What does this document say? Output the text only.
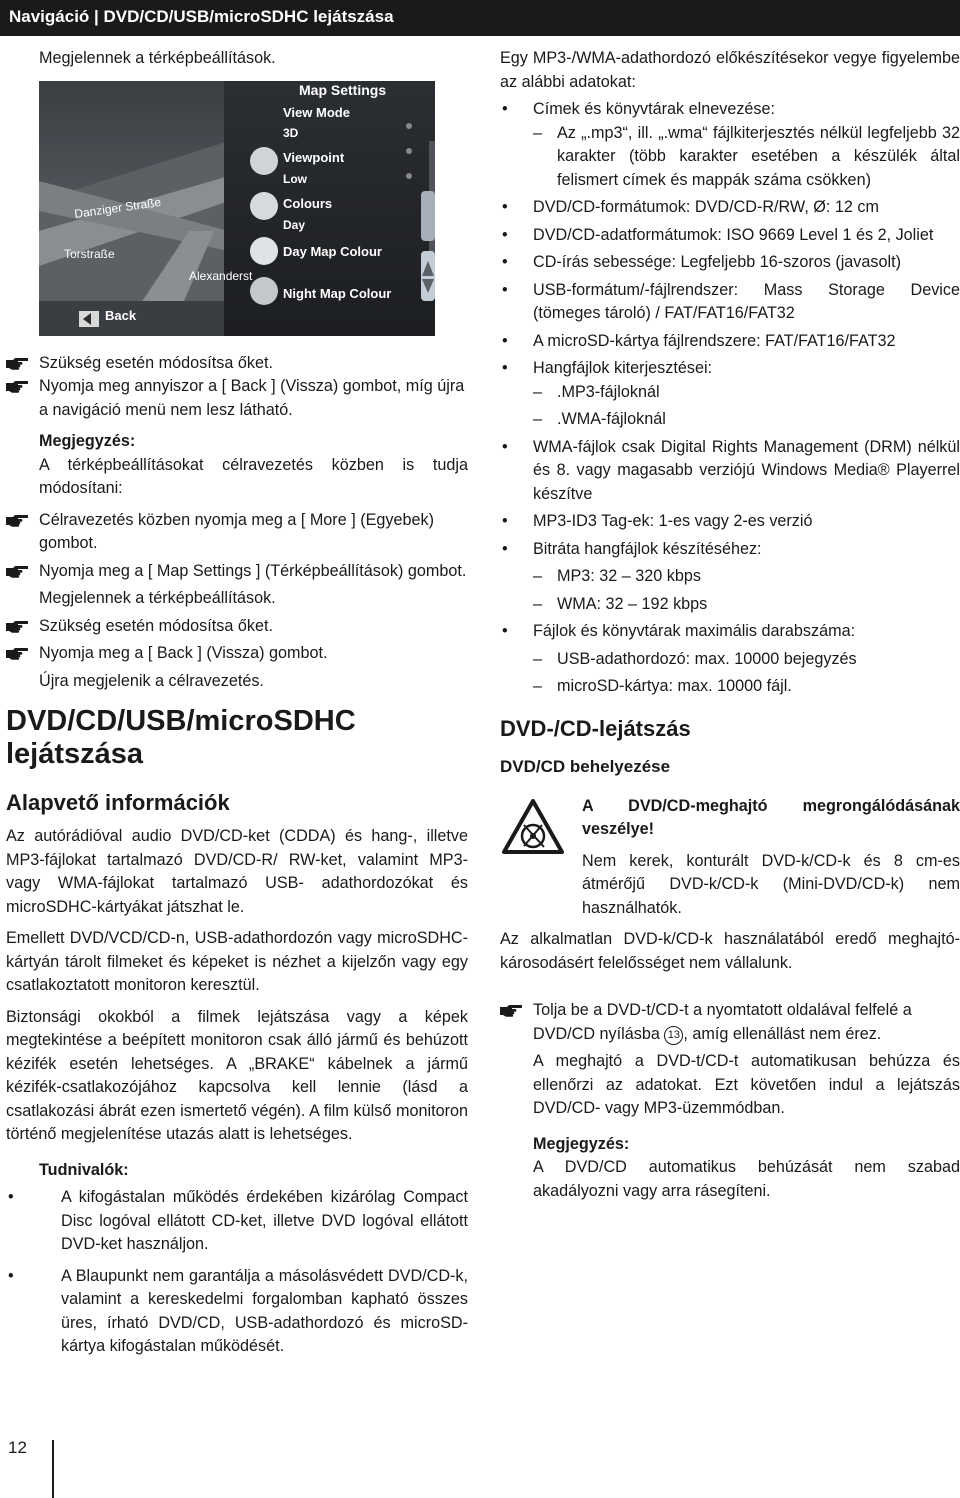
Navigáció | DVD/CD/USB/microSDHC lejátszása

Megjelennek a térképbeállítások.

Map Settings
View Mode
3D
Viewpoint
Low
Colours
Day
Day Map Colour
Night Map Colour
Danziger Straße
Torstraße
Alexanderst
Back
Szükség esetén módosítsa őket.
Nyomja meg annyiszor a [ Back ] (Vissza) gombot, míg újra a navigáció menü nem lesz látható.

Megjegyzés:

A térképbeállításokat célravezetés közben is tudja módosítani:

Célravezetés közben nyomja meg a [ More ] (Egyebek) gombot.
Nyomja meg a [ Map Settings ] (Térképbeállítások) gombot.

Megjelennek a térképbeállítások.

Szükség esetén módosítsa őket.
Nyomja meg a [ Back ] (Vissza) gombot.

Újra megjelenik a célravezetés.

DVD/CD/USB/microSDHC
lejátszása

Alapvető információk

Az autórádióval audio DVD/CD-ket (CDDA) és hang-, illetve MP3-fájlokat tartalmazó DVD/CD-R/ RW-ket, valamint MP3- vagy WMA-fájlokat tartalmazó USB- adathordozókat és microSDHC-kártyákat játszhat le.

Emellett DVD/VCD/CD-n, USB-adathordozón vagy microSDHC-kártyán tárolt filmeket és képeket is nézhet a kijelzőn vagy egy csatlakoztatott monitoron keresztül.

Biztonsági okokból a filmek lejátszása vagy a képek megtekintése a beépített monitoron csak álló jármű és behúzott kézifék esetén lehetséges. A „BRAKE“ kábelnek a jármű kézifék-csatlakozójához kapcsolva kell lennie (lásd a csatlakozási ábrát ezen ismertető végén). A film külső monitoron történő megjelenítése utazás alatt is lehetséges.

Tudnivalók:

• A kifogástalan működés érdekében kizárólag Compact Disc logóval ellátott CD-ket, illetve DVD logóval ellátott DVD-ket használjon.
• A Blaupunkt nem garantálja a másolásvédett DVD/CD-k, valamint a kereskedelmi forgalomban kapható összes üres, írható DVD/CD, USB-adathordozó és microSD-kártya kifogástalan működését.

Egy MP3-/WMA-adathordozó előkészítésekor vegye figyelembe az alábbi adatokat:

• Címek és könyvtárak elnevezése:
– Az „.mp3“, ill. „.wma“ fájlkiterjesztés nélkül legfeljebb 32 karakter (több karakter esetében a készülék által felismert címek és mappák száma csökken)
• DVD/CD-formátumok: DVD/CD-R/RW, Ø: 12 cm
• DVD/CD-adatformátumok: ISO 9669 Level 1 és 2, Joliet
• CD-írás sebessége: Legfeljebb 16-szoros (javasolt)
• USB-formátum/-fájlrendszer: Mass Storage Device (tömeges tároló) / FAT/FAT16/FAT32
• A microSD-kártya fájlrendszere: FAT/FAT16/FAT32
• Hangfájlok kiterjesztései:
– .MP3-fájloknál
– .WMA-fájloknál
• WMA-fájlok csak Digital Rights Management (DRM) nélkül és 8. vagy magasabb verziójú Windows Media® Playerrel készítve
• MP3-ID3 Tag-ek: 1-es vagy 2-es verzió
• Bitráta hangfájlok készítéséhez:
– MP3: 32 – 320 kbps
– WMA: 32 – 192 kbps
• Fájlok és könyvtárak maximális darabszáma:
– USB-adathordozó: max. 10000 bejegyzés
– microSD-kártya: max. 10000 fájl.

DVD-/CD-lejátszás

DVD/CD behelyezése

A DVD/CD-meghajtó megrongálódásának veszélye!

Nem kerek, konturált DVD-k/CD-k és 8 cm-es átmérőjű DVD-k/CD-k (Mini-DVD/CD-k) nem használhatók.

Az alkalmatlan DVD-k/CD-k használatából eredő meghajtó-károsodásért felelősséget nem vállalunk.

Tolja be a DVD-t/CD-t a nyomtatott oldalával felfelé a DVD/CD nyílásba 13 , amíg ellenállást nem érez.

A meghajtó a DVD-t/CD-t automatikusan behúzza és ellenőrzi az adatokat. Ezt követően indul a lejátszás DVD/CD- vagy MP3-üzemmódban.

Megjegyzés:

A DVD/CD automatikus behúzását nem szabad akadályozni vagy arra rásegíteni.

12
